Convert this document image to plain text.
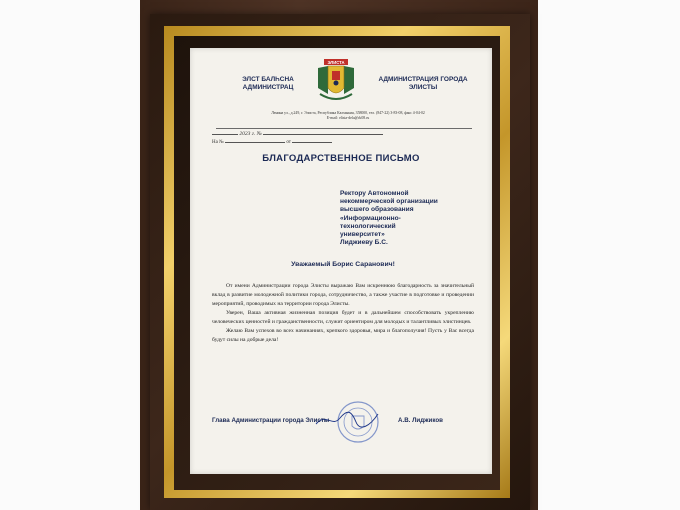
ЭЛСТ БАЛҺСНА АДМИНИСТРАЦ
ЭЛИСТА
АДМИНИСТРАЦИЯ ГОРОДА ЭЛИСТЫ
Ленина ул., д.249, г. Элиста, Республика Калмыкия, 358000, тел. (847-22) 3-83-08, факс 4-04-02
E-mail: elista-dela@rk08.ru
2023 г. №
На №	от
БЛАГОДАРСТВЕННОЕ ПИСЬМО
Ректору Автономной
некоммерческой организации
высшего образования
«Информационно-
технологический
университет»
Лиджиеву Б.С.
Уважаемый Борис Саранович!

От имени Администрации города Элисты выражаю Вам искреннюю благодарность за значительный вклад в развитие молодежной политики города, сотрудничество, а также участие в подготовке и проведении мероприятий, проводимых на территории города Элисты.

Уверен, Ваша активная жизненная позиция будет и в дальнейшем способствовать укреплению человеческих ценностей и гражданственности, служит ориентиром для молодых и талантливых элистинцев.

Желаю Вам успехов во всех начинаниях, крепкого здоровья, мира и благополучия! Пусть у Вас всегда будут силы на добрые дела!

Глава Администрации города Элисты	А.В. Лиджиков
